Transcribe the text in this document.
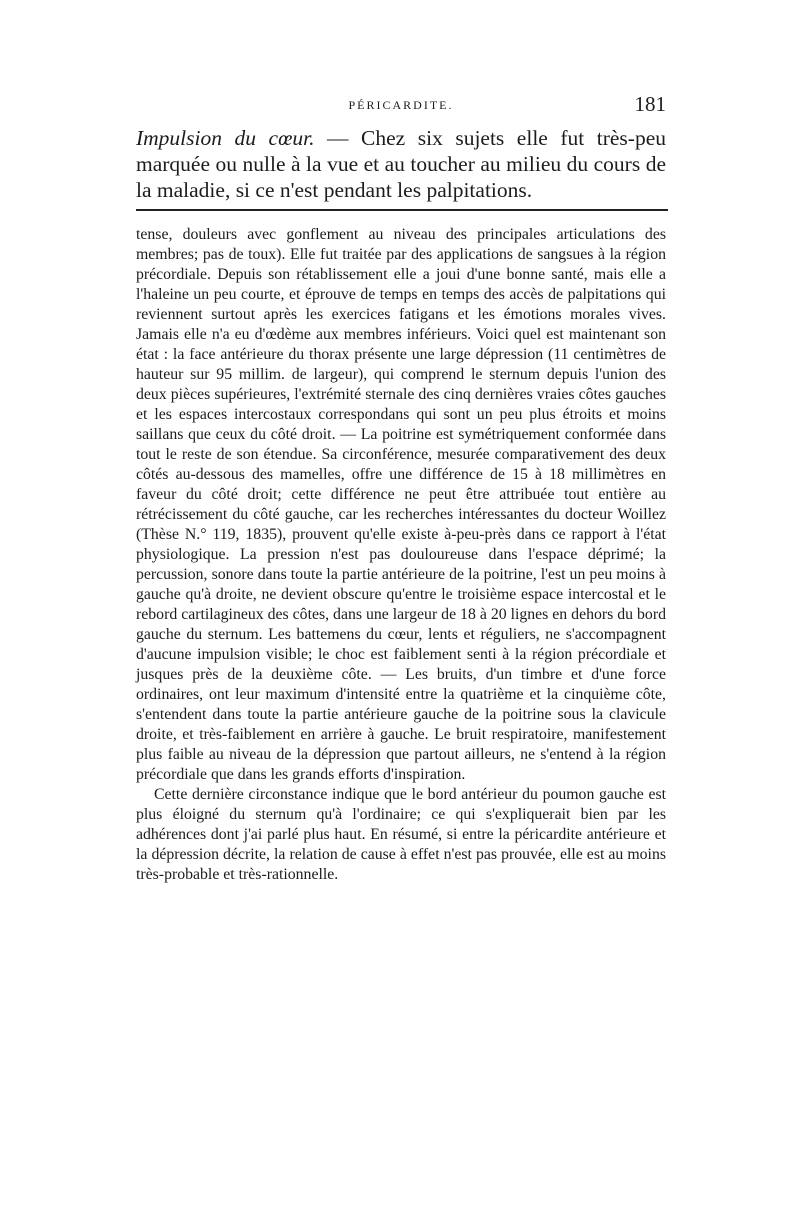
PÉRICARDITE.	181

Impulsion du cœur. — Chez six sujets elle fut très-peu marquée ou nulle à la vue et au toucher au milieu du cours de la maladie, si ce n'est pendant les palpitations.

tense, douleurs avec gonflement au niveau des principales articulations des membres; pas de toux). Elle fut traitée par des applications de sangsues à la région précordiale. Depuis son rétablissement elle a joui d'une bonne santé, mais elle a l'haleine un peu courte, et éprouve de temps en temps des accès de palpitations qui reviennent surtout après les exercices fatigans et les émotions morales vives. Jamais elle n'a eu d'œdème aux membres inférieurs. Voici quel est maintenant son état : la face antérieure du thorax présente une large dépression (11 centimètres de hauteur sur 95 millim. de largeur), qui comprend le sternum depuis l'union des deux pièces supérieures, l'extrémité sternale des cinq dernières vraies côtes gauches et les espaces intercostaux correspondans qui sont un peu plus étroits et moins saillans que ceux du côté droit. — La poitrine est symétriquement conformée dans tout le reste de son étendue. Sa circonférence, mesurée comparativement des deux côtés au-dessous des mamelles, offre une différence de 15 à 18 millimètres en faveur du côté droit; cette différence ne peut être attribuée tout entière au rétrécissement du côté gauche, car les recherches intéressantes du docteur Woillez (Thèse N.° 119, 1835), prouvent qu'elle existe à-peu-près dans ce rapport à l'état physiologique. La pression n'est pas douloureuse dans l'espace déprimé; la percussion, sonore dans toute la partie antérieure de la poitrine, l'est un peu moins à gauche qu'à droite, ne devient obscure qu'entre le troisième espace intercostal et le rebord cartilagineux des côtes, dans une largeur de 18 à 20 lignes en dehors du bord gauche du sternum. Les battemens du cœur, lents et réguliers, ne s'accompagnent d'aucune impulsion visible; le choc est faiblement senti à la région précordiale et jusques près de la deuxième côte. — Les bruits, d'un timbre et d'une force ordinaires, ont leur maximum d'intensité entre la quatrième et la cinquième côte, s'entendent dans toute la partie antérieure gauche de la poitrine sous la clavicule droite, et très-faiblement en arrière à gauche. Le bruit respiratoire, manifestement plus faible au niveau de la dépression que partout ailleurs, ne s'entend à la région précordiale que dans les grands efforts d'inspiration.

Cette dernière circonstance indique que le bord antérieur du poumon gauche est plus éloigné du sternum qu'à l'ordinaire; ce qui s'expliquerait bien par les adhérences dont j'ai parlé plus haut. En résumé, si entre la péricardite antérieure et la dépression décrite, la relation de cause à effet n'est pas prouvée, elle est au moins très-probable et très-rationnelle.
